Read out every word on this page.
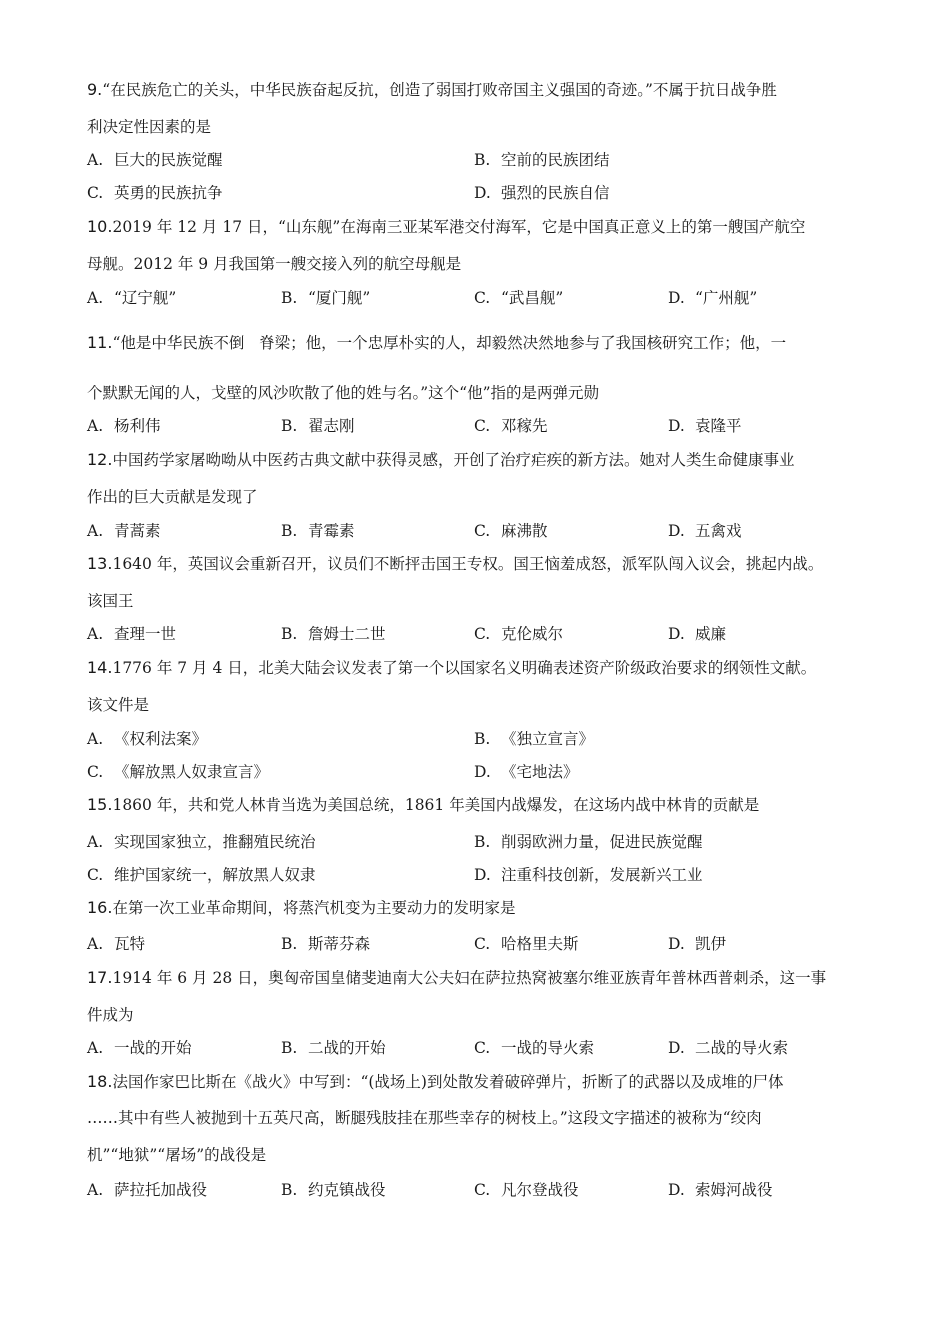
9.“在民族危亡的关头，中华民族奋起反抗，创造了弱国打败帝国主义强国的奇迹。”不属于抗日战争胜
利决定性因素的是
A. 巨大的民族觉醒	B. 空前的民族团结
C. 英勇的民族抗争	D. 强烈的民族自信
10.2019 年 12 月 17 日，“山东舰”在海南三亚某军港交付海军，它是中国真正意义上的第一艘国产航空
母舰。2012 年 9 月我国第一艘交接入列的航空母舰是
A. “辽宁舰”	B. “厦门舰”	C. “武昌舰”	D. “广州舰”
11.“他是中华民族不倒   脊梁；他，一个忠厚朴实的人，却毅然决然地参与了我国核研究工作；他，一
个默默无闻的人，戈壁的风沙吹散了他的姓与名。”这个“他”指的是两弹元勋
A. 杨利伟	B. 翟志刚	C. 邓稼先	D. 袁隆平
12.中国药学家屠呦呦从中医药古典文献中获得灵感，开创了治疗疟疾的新方法。她对人类生命健康事业
作出的巨大贡献是发现了
A. 青蒿素	B. 青霉素	C. 麻沸散	D. 五禽戏
13.1640 年，英国议会重新召开，议员们不断抨击国王专权。国王恼羞成怒，派军队闯入议会，挑起内战。
该国王
A. 查理一世	B. 詹姆士二世	C. 克伦威尔	D. 威廉
14.1776 年 7 月 4 日，北美大陆会议发表了第一个以国家名义明确表述资产阶级政治要求的纲领性文献。
该文件是
A. 《权利法案》	B. 《独立宣言》
C. 《解放黑人奴隶宣言》	D. 《宅地法》
15.1860 年，共和党人林肯当选为美国总统，1861 年美国内战爆发，在这场内战中林肯的贡献是
A. 实现国家独立，推翻殖民统治	B. 削弱欧洲力量，促进民族觉醒
C. 维护国家统一，解放黑人奴隶	D. 注重科技创新，发展新兴工业
16.在第一次工业革命期间，将蒸汽机变为主要动力的发明家是
A. 瓦特	B. 斯蒂芬森	C. 哈格里夫斯	D. 凯伊
17.1914 年 6 月 28 日，奥匈帝国皇储斐迪南大公夫妇在萨拉热窝被塞尔维亚族青年普林西普刺杀，这一事
件成为
A. 一战的开始	B. 二战的开始	C. 一战的导火索	D. 二战的导火索
18.法国作家巴比斯在《战火》中写到：“(战场上)到处散发着破碎弹片，折断了的武器以及成堆的尸体
……其中有些人被抛到十五英尺高，断腿残肢挂在那些幸存的树枝上。”这段文字描述的被称为“绞肉
机”“地狱”“屠场”的战役是
A. 萨拉托加战役	B. 约克镇战役	C. 凡尔登战役	D. 索姆河战役
